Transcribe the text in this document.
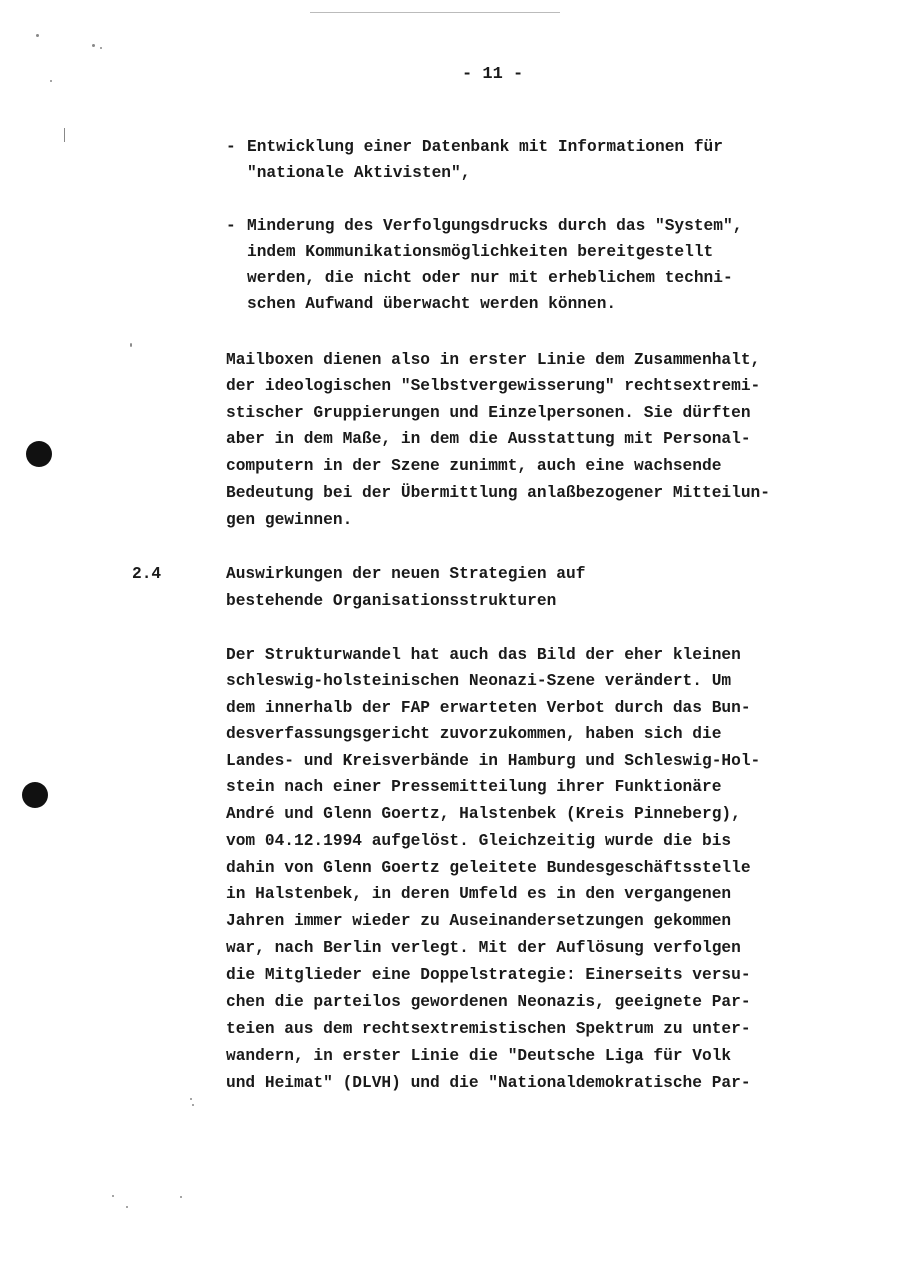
- 11 -
- Entwicklung einer Datenbank mit Informationen für
"nationale Aktivisten",
- Minderung des Verfolgungsdrucks durch das "System",
indem Kommunikationsmöglichkeiten bereitgestellt
werden, die nicht oder nur mit erheblichem techni-
schen Aufwand überwacht werden können.
Mailboxen dienen also in erster Linie dem Zusammenhalt,
der ideologischen "Selbstvergewisserung" rechtsextremi-
stischer Gruppierungen und Einzelpersonen. Sie dürften
aber in dem Maße, in dem die Ausstattung mit Personal-
computern in der Szene zunimmt, auch eine wachsende
Bedeutung bei der Übermittlung anlaßbezogener Mitteilun-
gen gewinnen.
2.4	Auswirkungen der neuen Strategien auf
bestehende Organisationsstrukturen
Der Strukturwandel hat auch das Bild der eher kleinen
schleswig-holsteinischen Neonazi-Szene verändert. Um
dem innerhalb der FAP erwarteten Verbot durch das Bun-
desverfassungsgericht zuvorzukommen, haben sich die
Landes- und Kreisverbände in Hamburg und Schleswig-Hol-
stein nach einer Pressemitteilung ihrer Funktionäre
André und Glenn Goertz, Halstenbek (Kreis Pinneberg),
vom 04.12.1994 aufgelöst. Gleichzeitig wurde die bis
dahin von Glenn Goertz geleitete Bundesgeschäftsstelle
in Halstenbek, in deren Umfeld es in den vergangenen
Jahren immer wieder zu Auseinandersetzungen gekommen
war, nach Berlin verlegt. Mit der Auflösung verfolgen
die Mitglieder eine Doppelstrategie: Einerseits versu-
chen die parteilos gewordenen Neonazis, geeignete Par-
teien aus dem rechtsextremistischen Spektrum zu unter-
wandern, in erster Linie die "Deutsche Liga für Volk
und Heimat" (DLVH) und die "Nationaldemokratische Par-
